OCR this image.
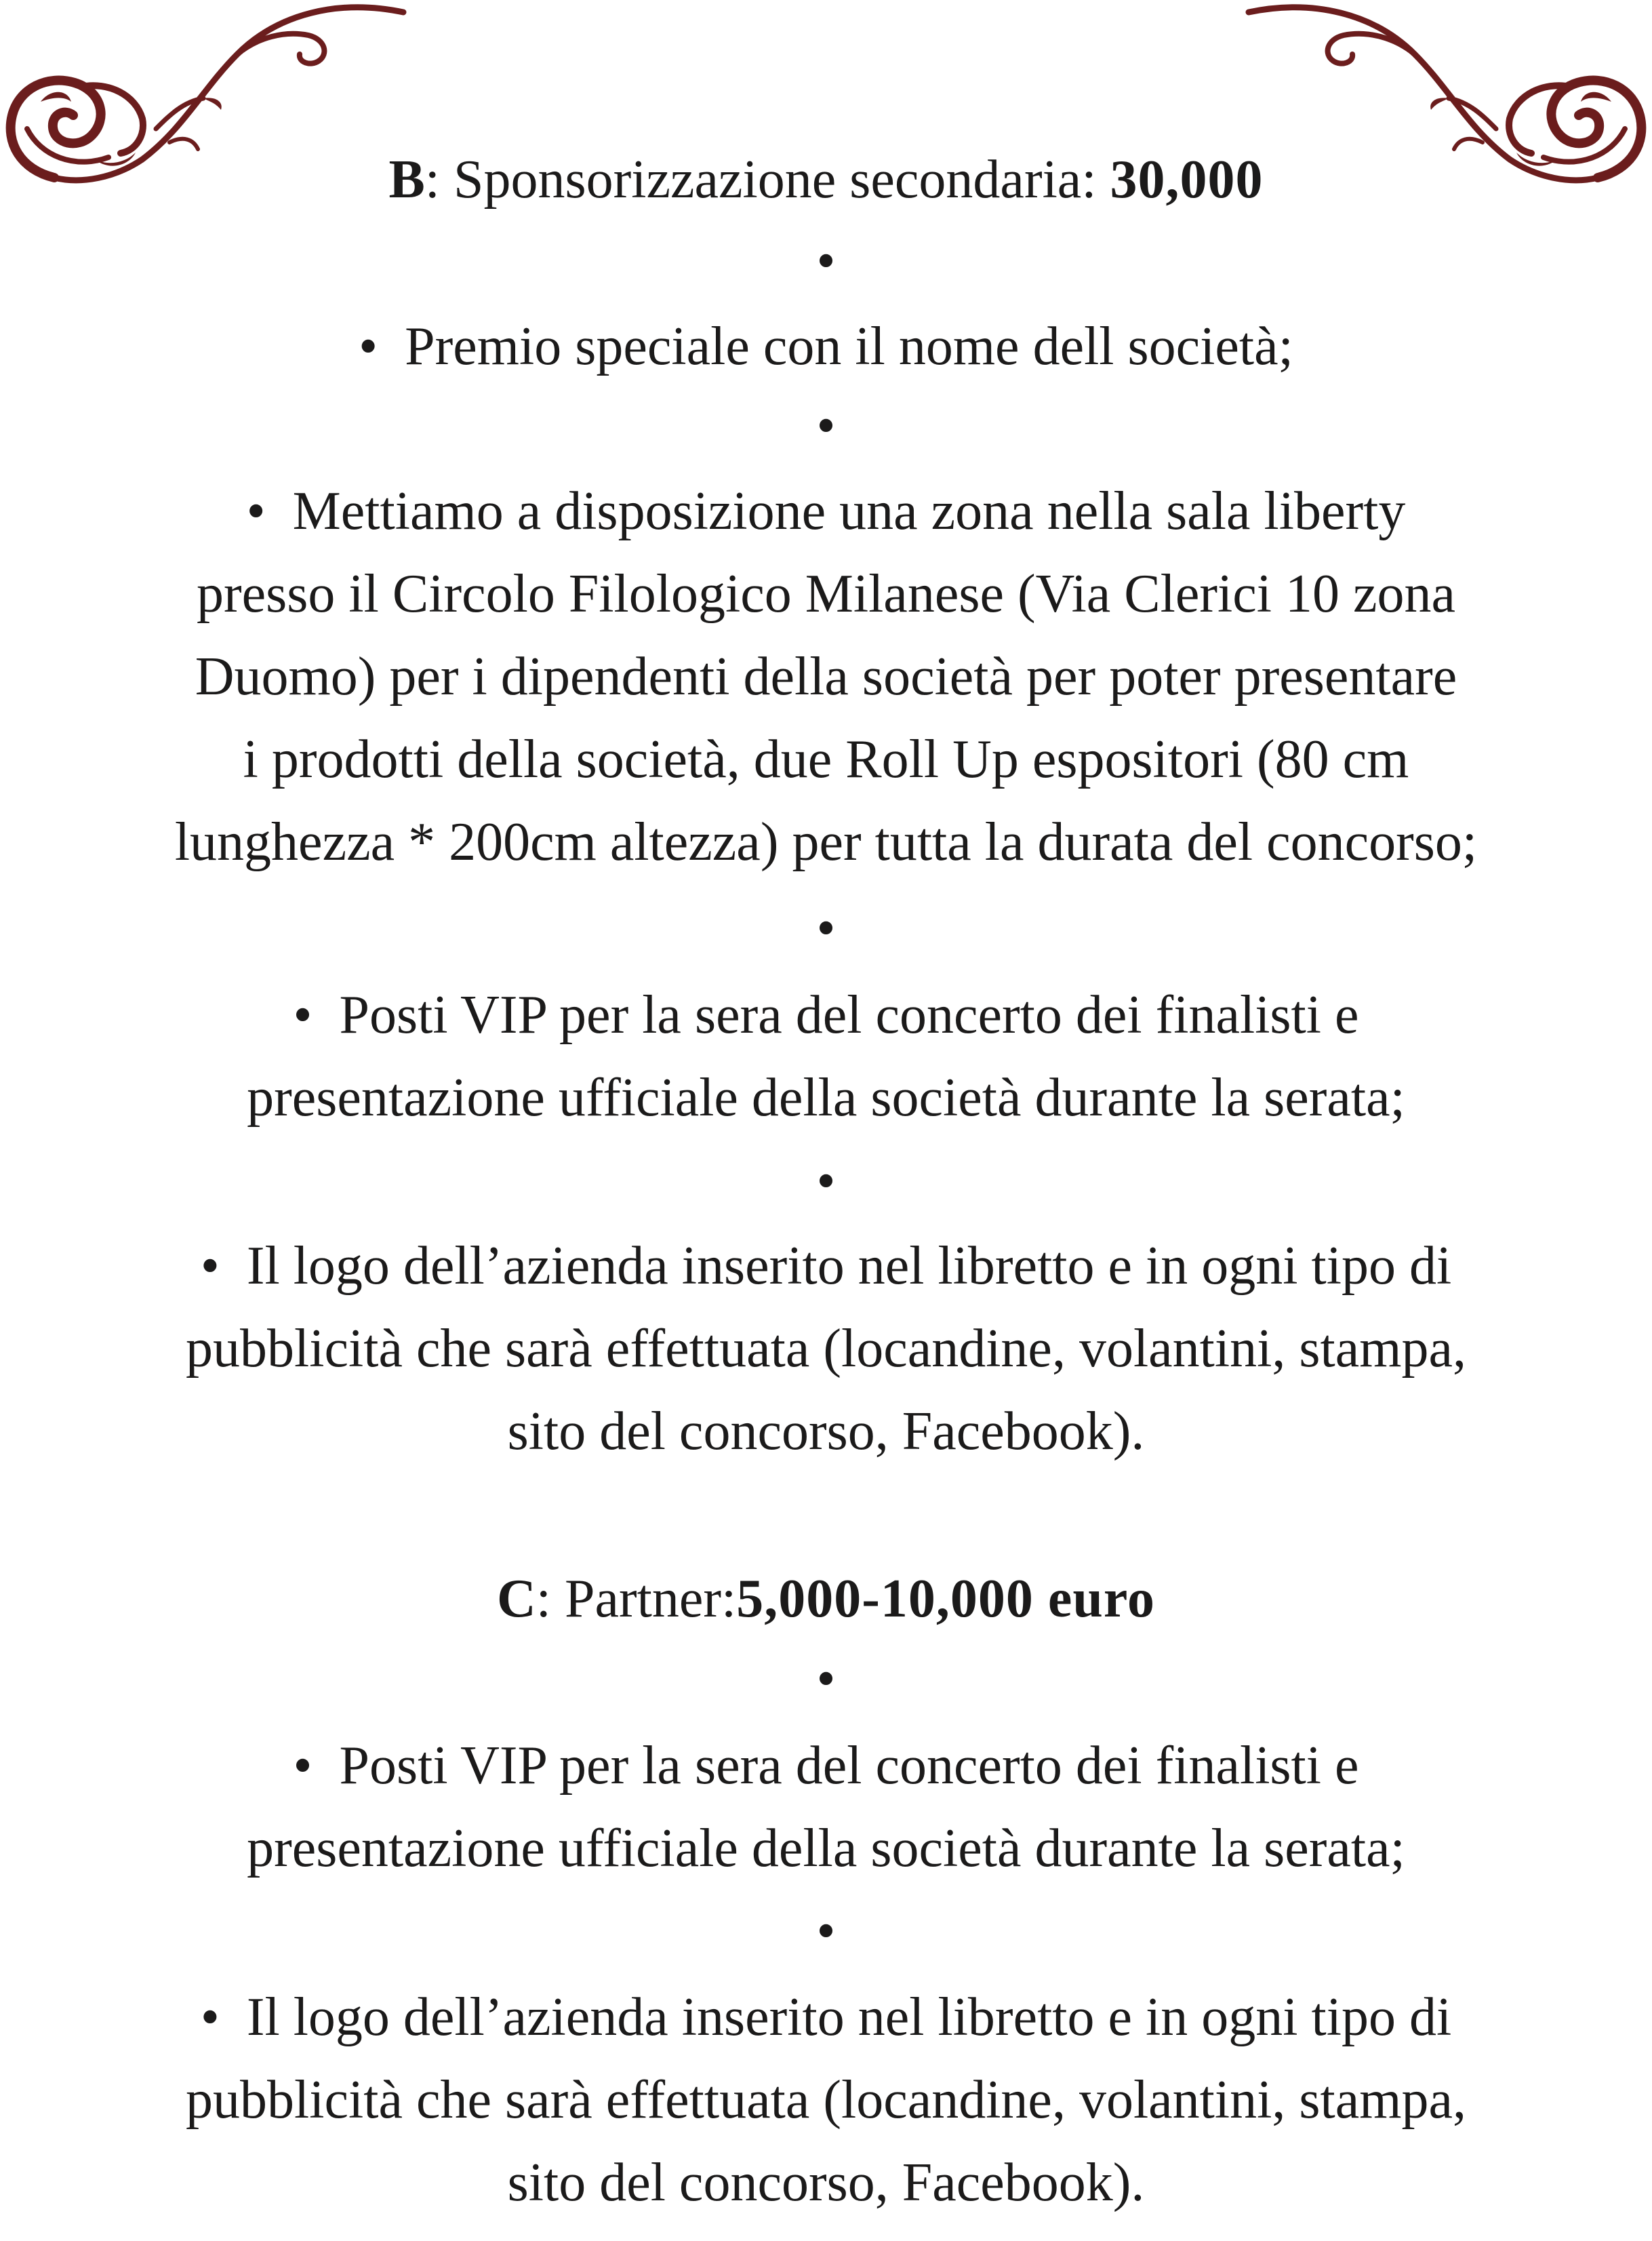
B: Sponsorizzazione secondaria: 30,000
•
• Premio speciale con il nome dell società;
•
• Mettiamo a disposizione una zona nella sala liberty
presso il Circolo Filologico Milanese (Via Clerici 10 zona
Duomo) per i dipendenti della società per poter presentare
i prodotti della società, due Roll Up espositori (80 cm
lunghezza * 200cm altezza) per tutta la durata del concorso;
•
• Posti VIP per la sera del concerto dei finalisti e
presentazione ufficiale della società durante la serata;
•
• Il logo dell’azienda inserito nel libretto e in ogni tipo di
pubblicità che sarà effettuata (locandine, volantini, stampa,
sito del concorso, Facebook).
C: Partner:5,000-10,000 euro
•
• Posti VIP per la sera del concerto dei finalisti e
presentazione ufficiale della società durante la serata;
•
• Il logo dell’azienda inserito nel libretto e in ogni tipo di
pubblicità che sarà effettuata (locandine, volantini, stampa,
sito del concorso, Facebook).
